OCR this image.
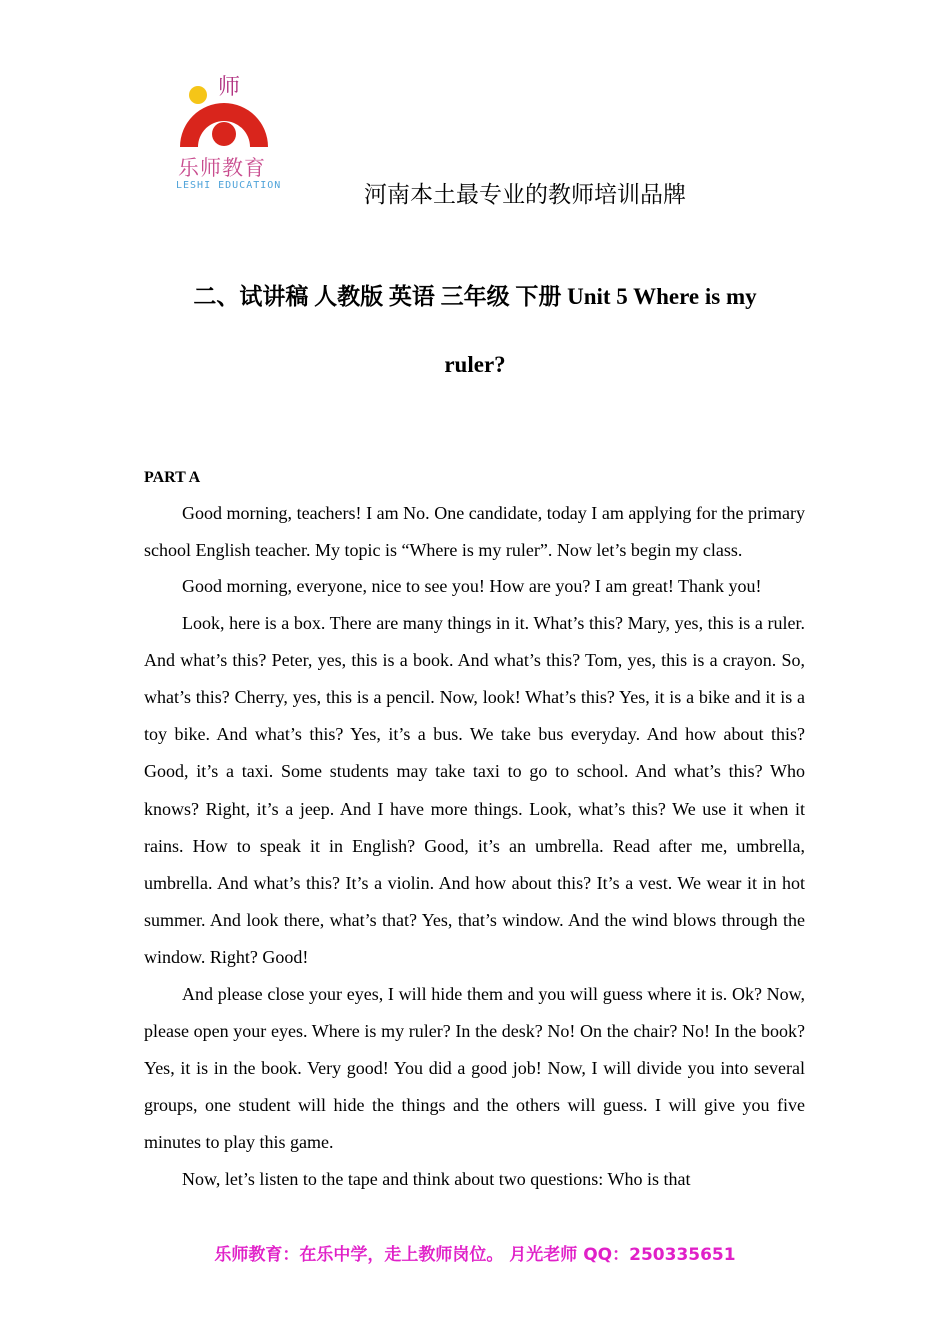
师
乐师教育
LESHI EDUCATION	河南本土最专业的教师培训品牌
二、试讲稿 人教版 英语 三年级 下册 Unit 5 Where is my
ruler?
PART A

Good morning, teachers! I am No. One candidate, today I am applying for the primary school English teacher. My topic is “Where is my ruler”. Now let’s begin my class.

Good morning, everyone, nice to see you! How are you? I am great! Thank you!

Look, here is a box. There are many things in it. What’s this? Mary, yes, this is a ruler. And what’s this? Peter, yes, this is a book. And what’s this? Tom, yes, this is a crayon. So, what’s this? Cherry, yes, this is a pencil. Now, look! What’s this? Yes, it is a bike and it is a toy bike. And what’s this? Yes, it’s a bus. We take bus everyday. And how about this? Good, it’s a taxi. Some students may take taxi to go to school. And what’s this? Who knows? Right, it’s a jeep. And I have more things. Look, what’s this? We use it when it rains. How to speak it in English? Good, it’s an umbrella. Read after me, umbrella, umbrella. And what’s this? It’s a violin. And how about this? It’s a vest. We wear it in hot summer. And look there, what’s that? Yes, that’s window. And the wind blows through the window. Right? Good!

And please close your eyes, I will hide them and you will guess where it is. Ok? Now, please open your eyes. Where is my ruler? In the desk? No! On the chair? No! In the book? Yes, it is in the book. Very good! You did a good job! Now, I will divide you into several groups, one student will hide the things and the others will guess. I will give you five minutes to play this game.

Now, let’s listen to the tape and think about two questions: Who is that

乐师教育：在乐中学，走上教师岗位。 月光老师 QQ：250335651
